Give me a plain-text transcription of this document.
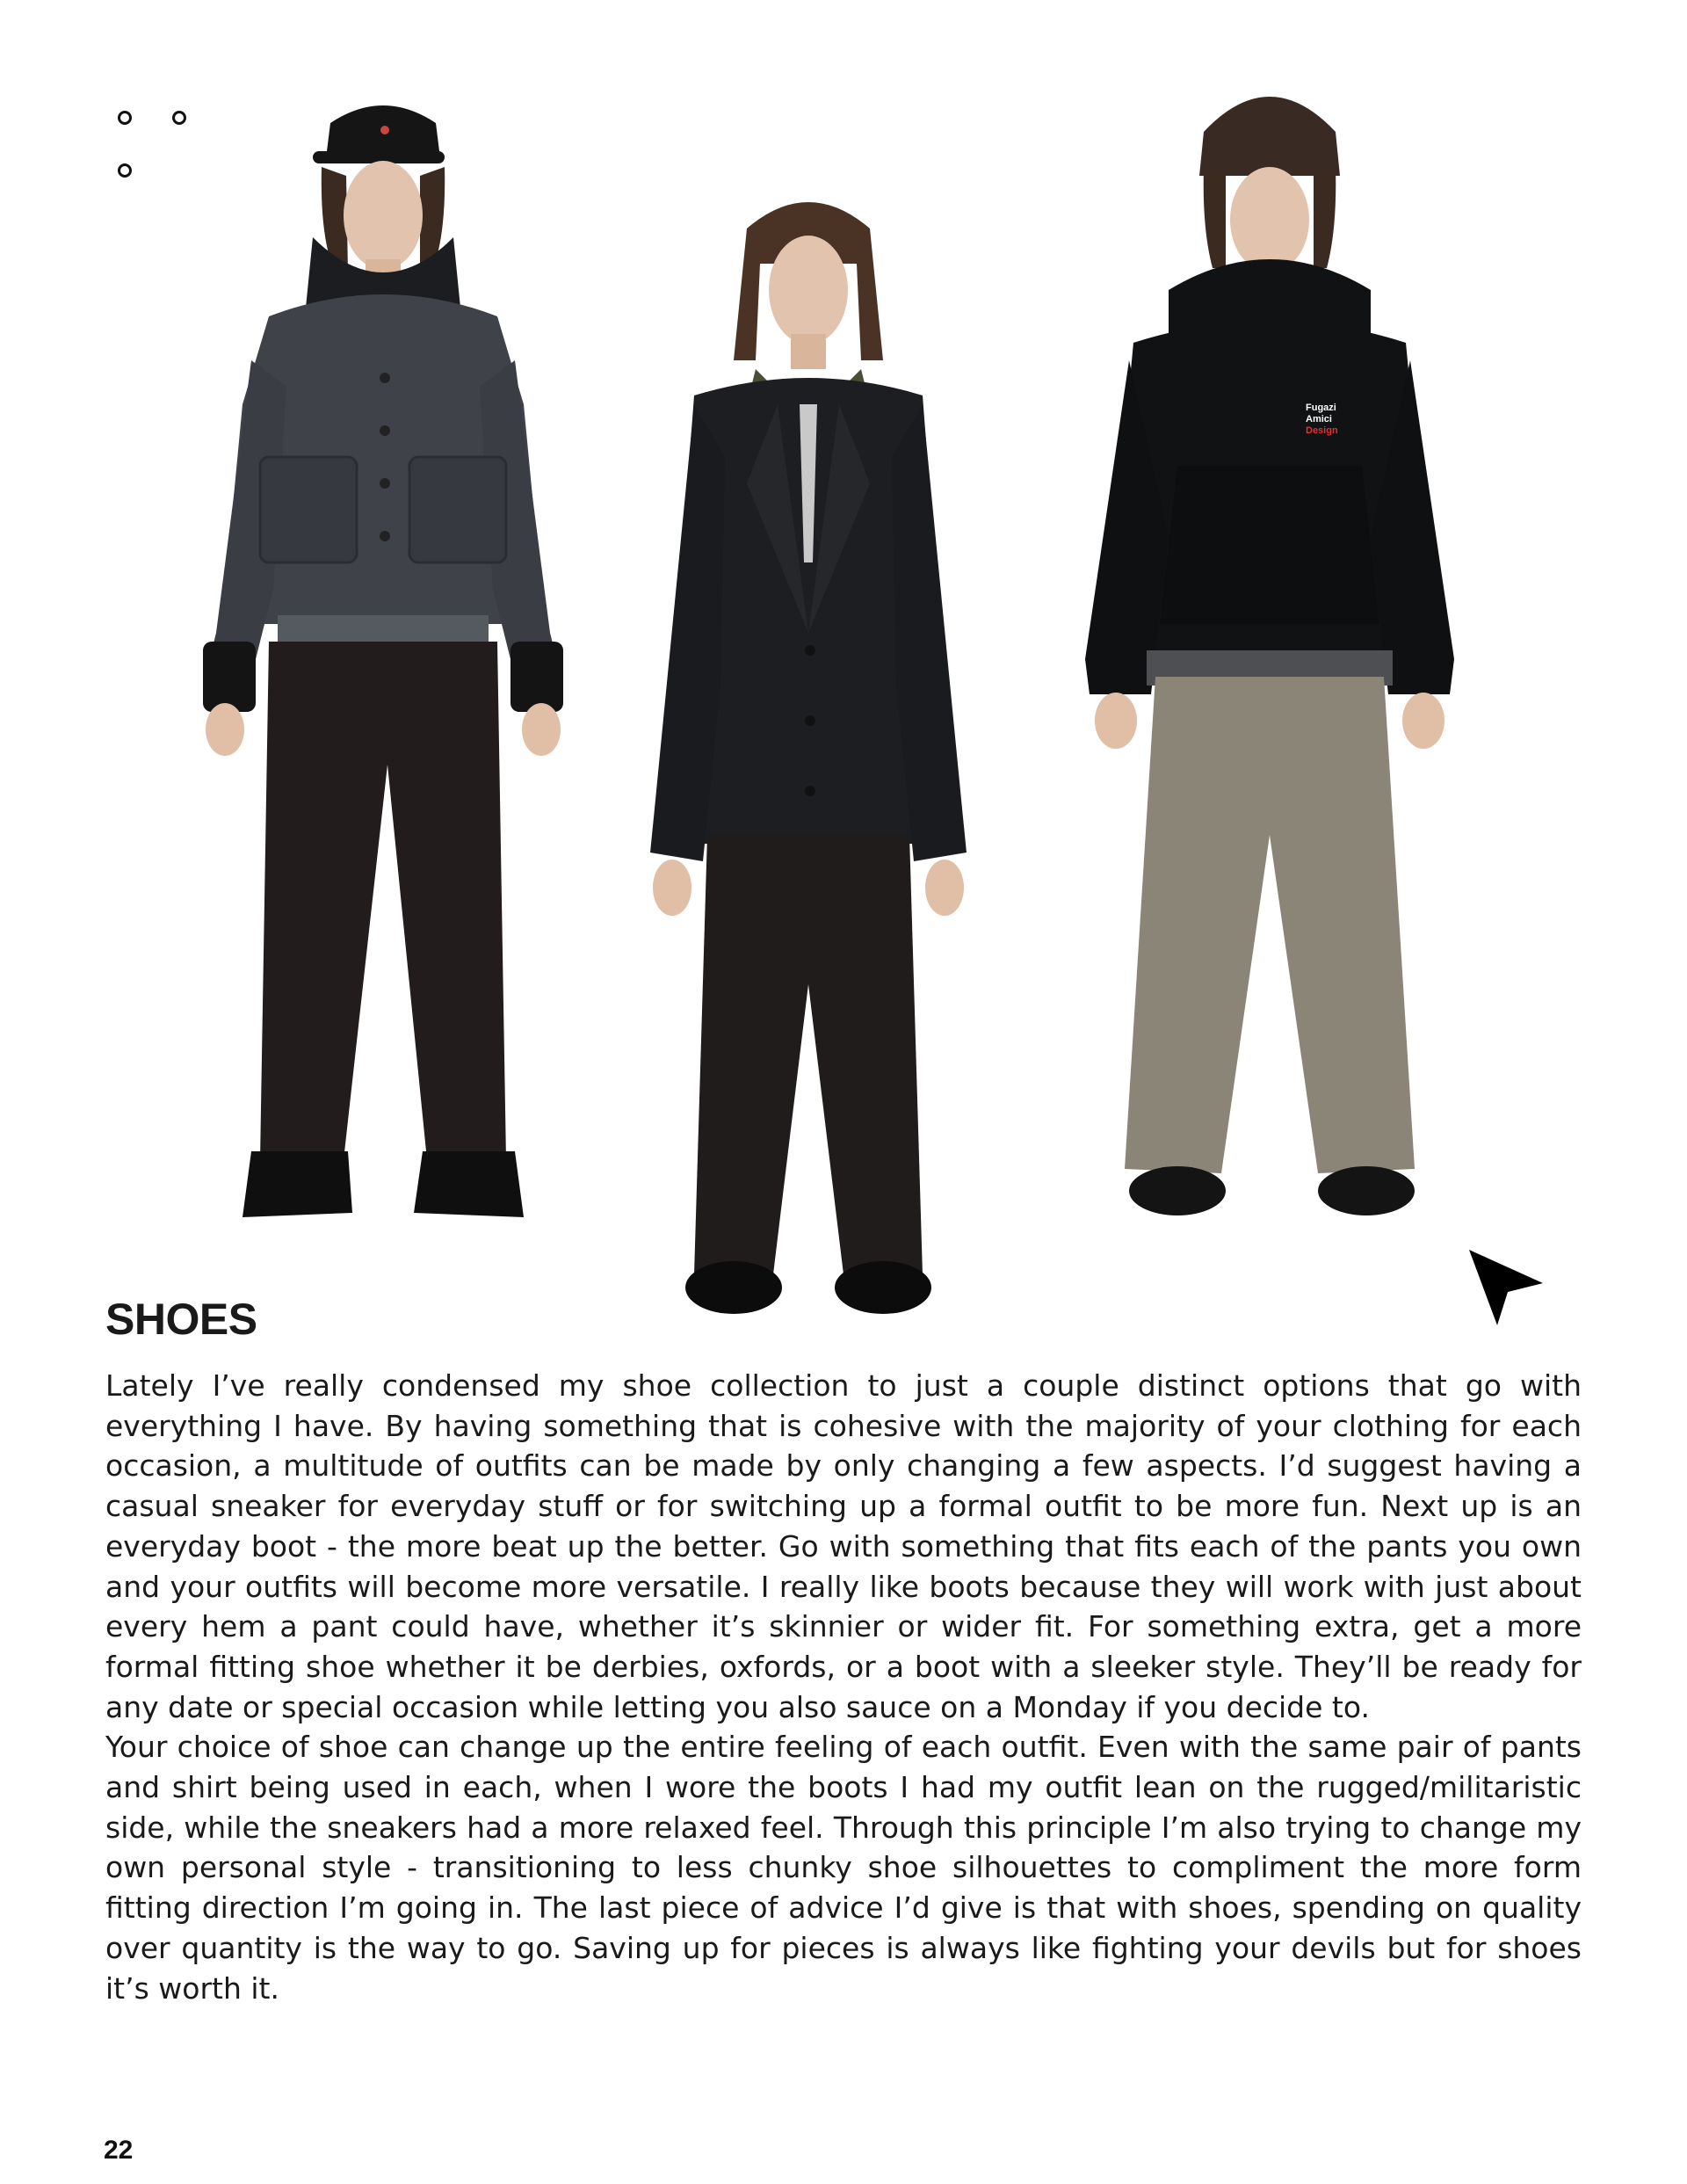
Fugazi
Amici
Design
SHOES

Lately I’ve really condensed my shoe collection to just a couple distinct options that go with everything I have. By having something that is cohesive with the majority of your clothing for each occasion, a multitude of outfits can be made by only changing a few aspects. I’d suggest having a casual sneaker for everyday stuff or for switching up a formal outfit to be more fun. Next up is an everyday boot - the more beat up the better. Go with something that fits each of the pants you own and your outfits will become more versatile. I really like boots because they will work with just about every hem a pant could have, whether it’s skinnier or wider fit. For something extra, get a more formal fitting shoe whether it be derbies, oxfords, or a boot with a sleeker style. They’ll be ready for any date or special occasion while letting you also sauce on a Monday if you decide to.

Your choice of shoe can change up the entire feeling of each outfit. Even with the same pair of pants and shirt being used in each, when I wore the boots I had my outfit lean on the rugged/militaristic side, while the sneakers had a more relaxed feel. Through this principle I’m also trying to change my own personal style - transitioning to less chunky shoe silhouettes to compliment the more form fitting direction I’m going in. The last piece of advice I’d give is that with shoes, spending on quality over quantity is the way to go. Saving up for pieces is always like fighting your devils but for shoes it’s worth it.

22
